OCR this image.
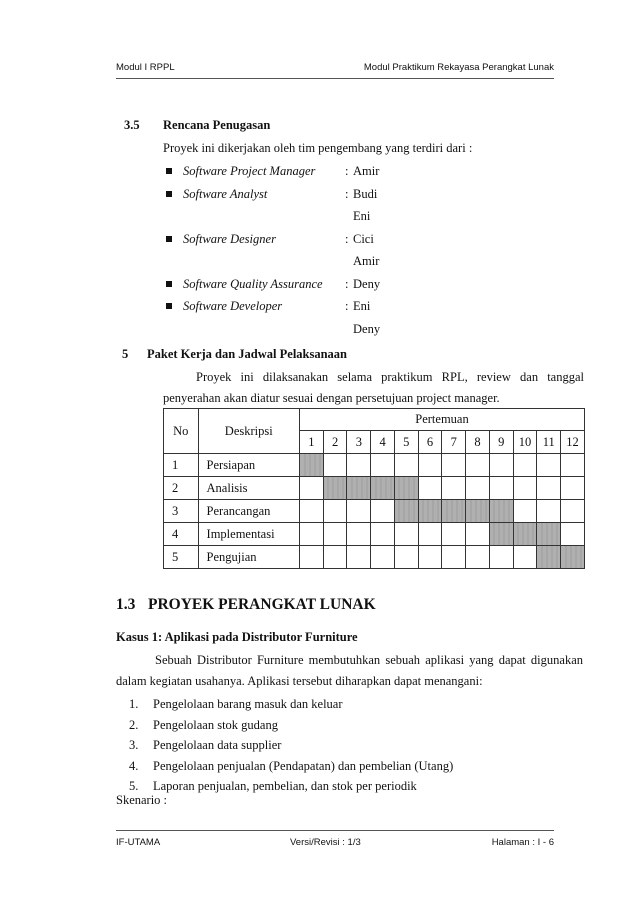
Modul I RPPL	Modul Praktikum Rekayasa Perangkat Lunak
3.5 Rencana Penugasan
Proyek ini dikerjakan oleh tim pengembang yang terdiri dari :
Software Project Manager : Amir
Software Analyst	: Budi
Eni
Software Designer	: Cici
Amir
Software Quality Assurance : Deny
Software Developer	: Eni
Deny
5 Paket Kerja dan Jadwal Pelaksanaan
Proyek ini dilaksanakan selama praktikum RPL, review dan tanggal
penyerahan akan diatur sesuai dengan persetujuan project manager.
No	Deskripsi	Pertemuan											
		1	2	3	4	5	6	7	8	9	10	11	12
1	Persiapan												
2	Analisis												
3	Perancangan												
4	Implementasi												
5	Pengujian												
1.3 PROYEK PERANGKAT LUNAK
Kasus 1: Aplikasi pada Distributor Furniture
Sebuah Distributor Furniture membutuhkan sebuah aplikasi yang dapat digunakan
dalam kegiatan usahanya. Aplikasi tersebut diharapkan dapat menangani:
1. Pengelolaan barang masuk dan keluar
2. Pengelolaan stok gudang
3. Pengelolaan data supplier
4. Pengelolaan penjualan (Pendapatan) dan pembelian (Utang)
5. Laporan penjualan, pembelian, dan stok per periodik
Skenario :
IF-UTAMA	Versi/Revisi : 1/3	Halaman : I - 6
